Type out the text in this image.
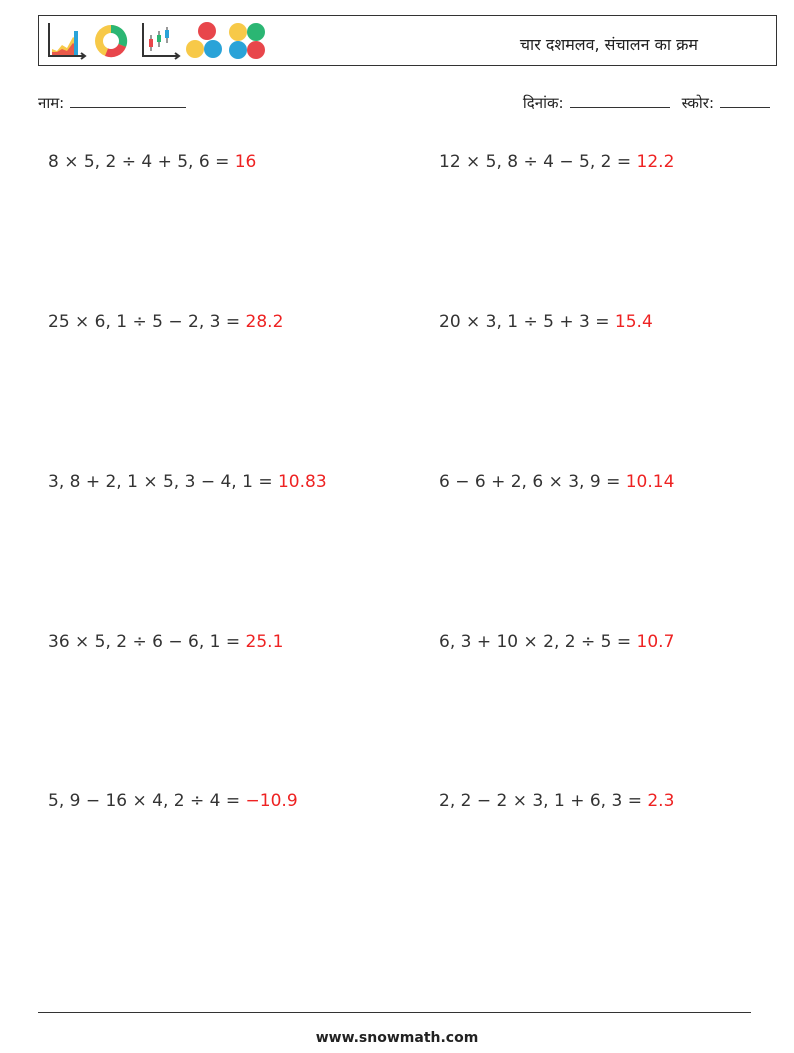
चार दशमलव, संचालन का क्रम
नाम:	दिनांक:	स्कोर:
8 × 5, 2 ÷ 4 + 5, 6 = 16	12 × 5, 8 ÷ 4 − 5, 2 = 12.2
25 × 6, 1 ÷ 5 − 2, 3 = 28.2	20 × 3, 1 ÷ 5 + 3 = 15.4
3, 8 + 2, 1 × 5, 3 − 4, 1 = 10.83	6 − 6 + 2, 6 × 3, 9 = 10.14
36 × 5, 2 ÷ 6 − 6, 1 = 25.1	6, 3 + 10 × 2, 2 ÷ 5 = 10.7
5, 9 − 16 × 4, 2 ÷ 4 = −10.9	2, 2 − 2 × 3, 1 + 6, 3 = 2.3
www.snowmath.com
